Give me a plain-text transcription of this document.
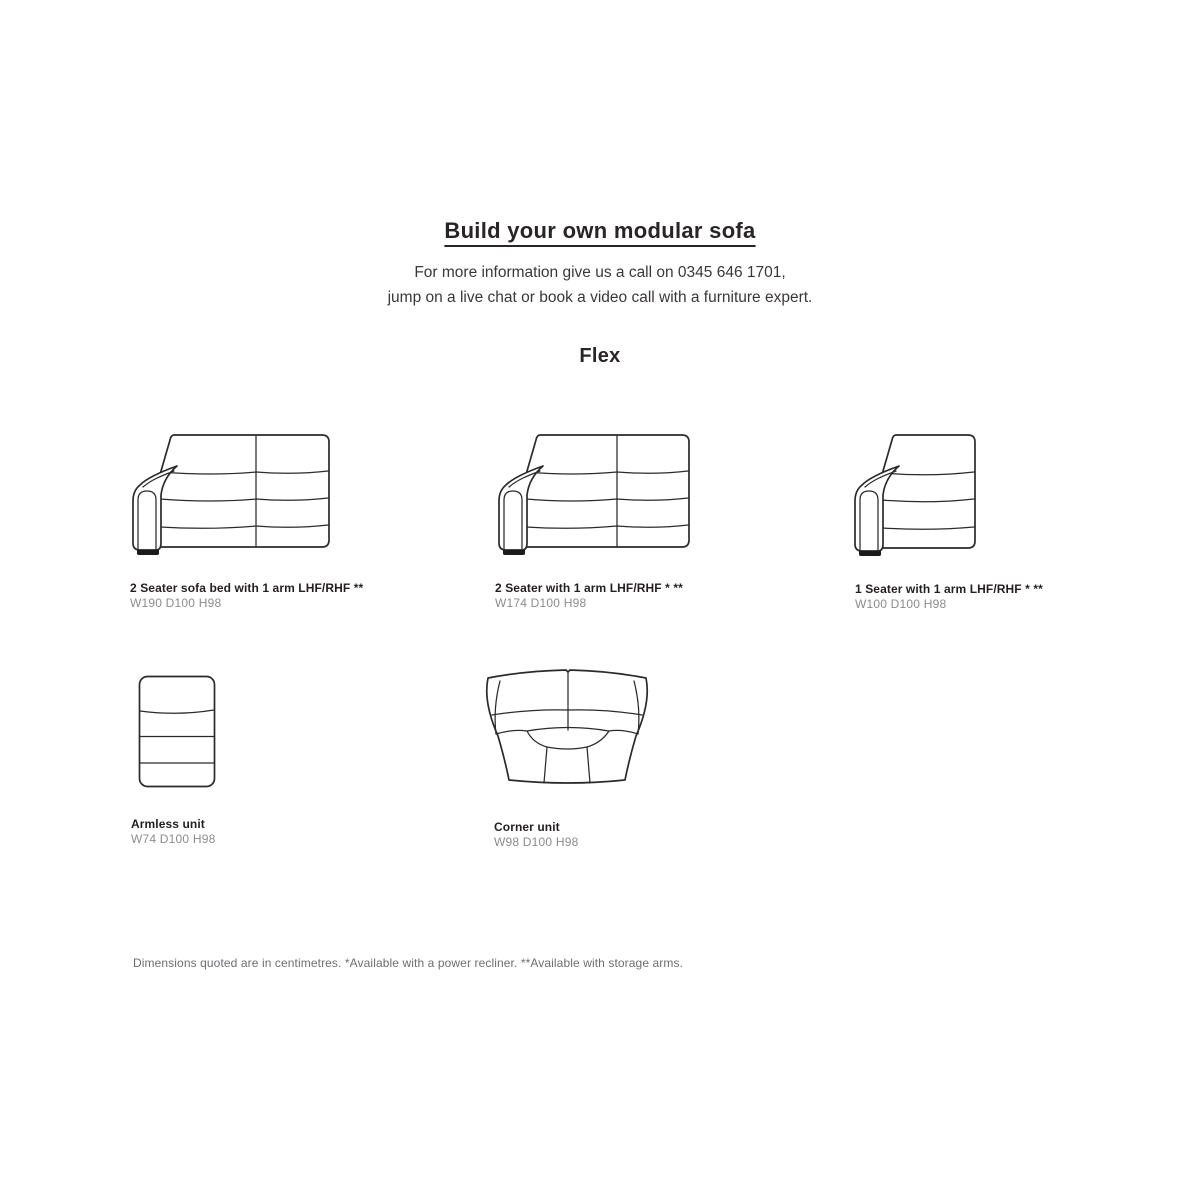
Build your own modular sofa
For more information give us a call on 0345 646 1701,
jump on a live chat or book a video call with a furniture expert.
Flex
2 Seater sofa bed with 1 arm LHF/RHF **
W190 D100 H98
2 Seater with 1 arm LHF/RHF * **
W174 D100 H98
1 Seater with 1 arm LHF/RHF * **
W100 D100 H98
Armless unit
W74 D100 H98
Corner unit
W98 D100 H98
Dimensions quoted are in centimetres. *Available with a power recliner. **Available with storage arms.
